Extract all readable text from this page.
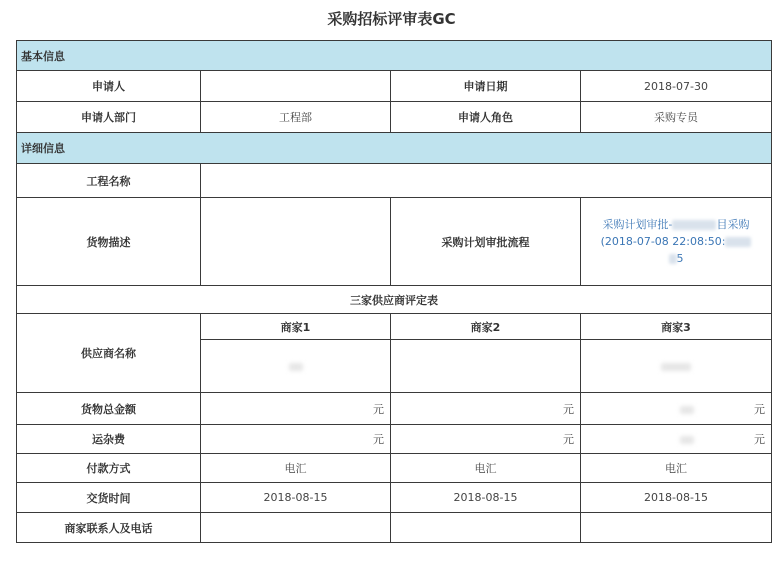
采购招标评审表GC
基本信息			
申请人		申请日期	2018-07-30
申请人部门	工程部	申请人角色	采购专员
详细信息			
工程名称			
货物描述		采购计划审批流程	采购计划审批- 目采购
(2018-07-08 22:08:50:
5

三家供应商评定表			
供应商名称	商家1	商家2	商家3

货物总金额	元	元	元
运杂费	元	元	元
付款方式	电汇	电汇	电汇
交货时间	2018-08-15	2018-08-15	2018-08-15
商家联系人及电话			
